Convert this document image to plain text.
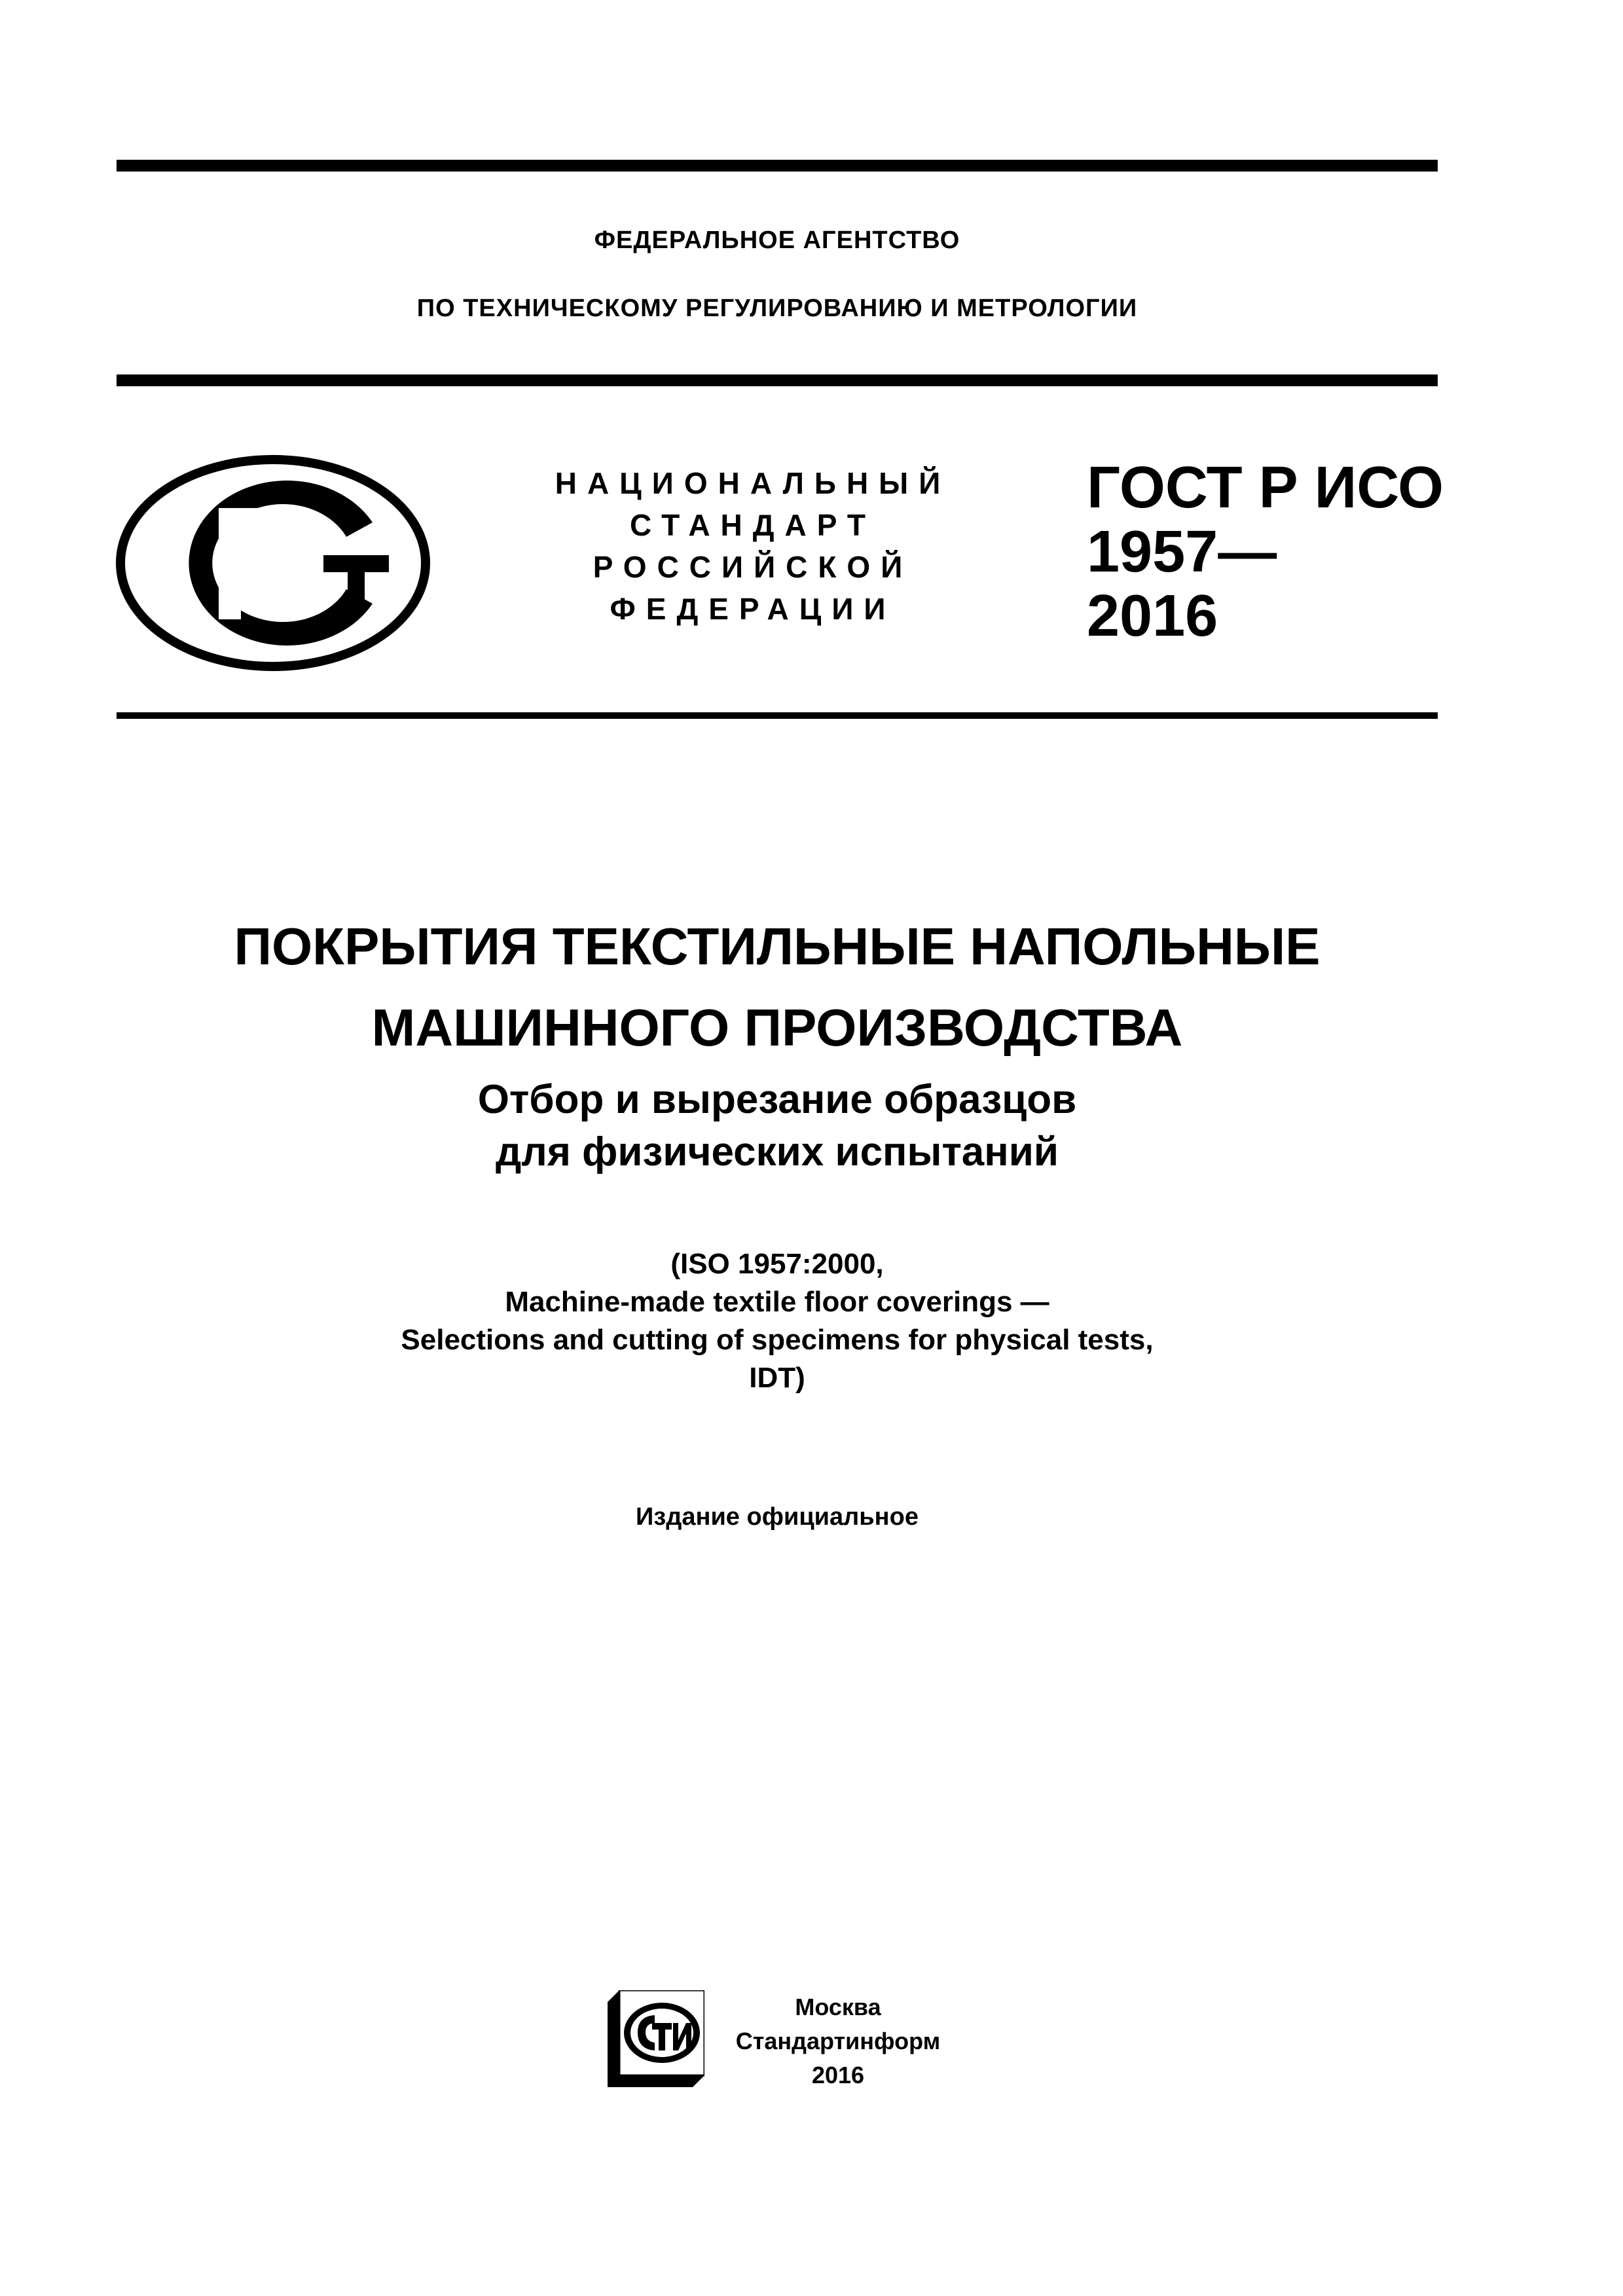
ФЕДЕРАЛЬНОЕ АГЕНТСТВО
ПО ТЕХНИЧЕСКОМУ РЕГУЛИРОВАНИЮ И МЕТРОЛОГИИ
НАЦИОНАЛЬНЫЙ
СТАНДАРТ
РОССИЙСКОЙ
ФЕДЕРАЦИИ
ГОСТ Р ИСО
1957—
2016
ПОКРЫТИЯ ТЕКСТИЛЬНЫЕ НАПОЛЬНЫЕ
МАШИННОГО ПРОИЗВОДСТВА
Отбор и вырезание образцов
для физических испытаний
(ISO 1957:2000,
Machine-made textile floor coverings —
Selections and cutting of specimens for physical tests,
IDT)
Издание официальное
Москва
Стандартинформ
2016
